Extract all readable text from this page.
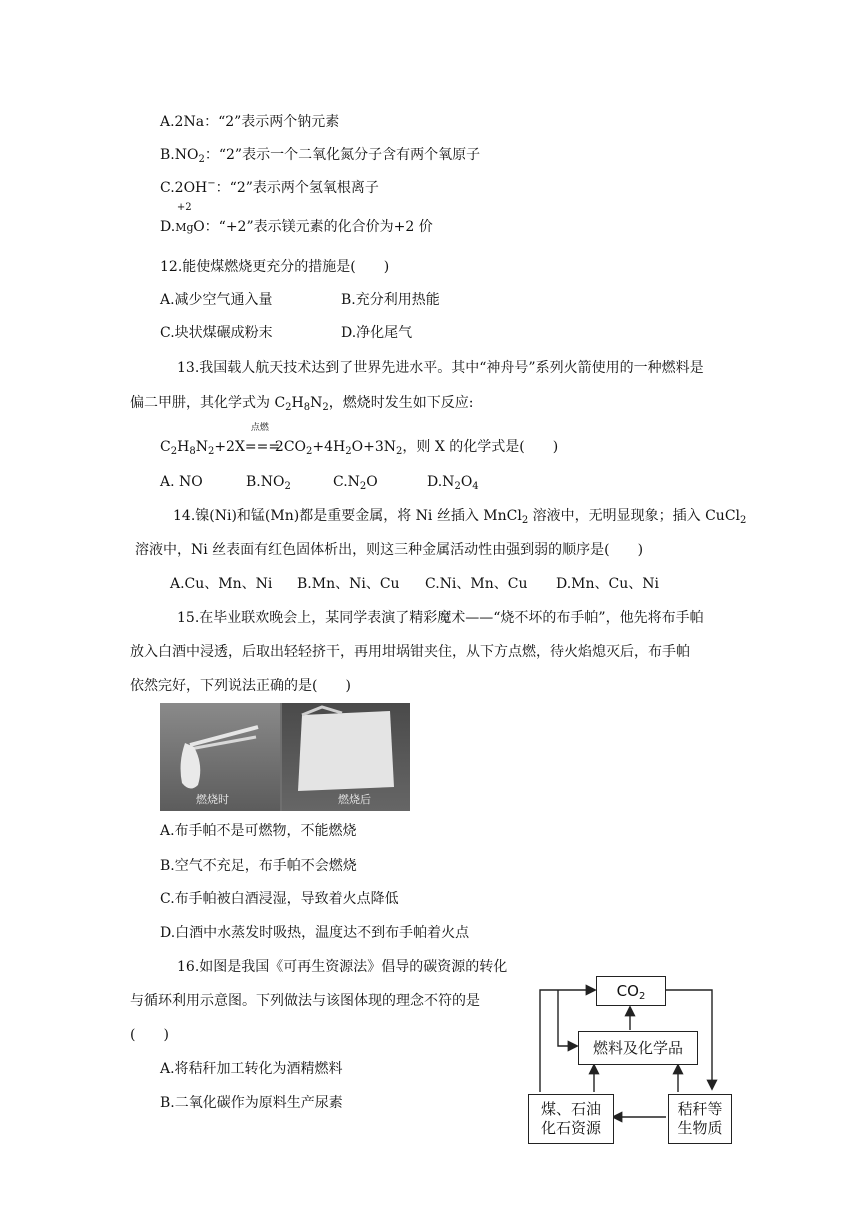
A.2Na：“2”表示两个钠元素
$B.NO_2$：“2”表示一个二氧化氮分子含有两个氧原子
C.2OH−：“2”表示两个氢氧根离子
D.
+2
MgO：“+2”表示镁元素的化合价为+2 价
12.能使煤燃烧更充分的措施是(　　)
A.减少空气通入量	B.充分利用热能
C.块状煤碾成粉末	D.净化尾气
13.我国载人航天技术达到了世界先进水平。其中“神舟号”系列火箭使用的一种燃料是
偏二甲肼，其化学式为 $C_2H_8N_2$，燃烧时发生如下反应:
$C_2H_8N_2+2X$
点燃
$===2CO_2+4H_2O+3N_2$，则 X 的化学式是(　　)
A. NO	$B.NO_2$	$C.N_2O$	$D.N_2O_4$
14.镍(Ni)和锰(Mn)都是重要金属，将 Ni 丝插入 MnCl$_2$ 溶液中，无明显现象；插入 CuCl$_2$
溶液中，Ni 丝表面有红色固体析出，则这三种金属活动性由强到弱的顺序是(　　)
A.Cu、Mn、Ni B.Mn、Ni、Cu C.Ni、Mn、Cu D.Mn、Cu、Ni
15.在毕业联欢晚会上，某同学表演了精彩魔术——“烧不坏的布手帕”，他先将布手帕
放入白酒中浸透，后取出轻轻挤干，再用坩埚钳夹住，从下方点燃，待火焰熄灭后，布手帕
依然完好，下列说法正确的是(　　)
燃烧时	燃烧后
A.布手帕不是可燃物，不能燃烧
B.空气不充足，布手帕不会燃烧
C.布手帕被白酒浸湿，导致着火点降低
D.白酒中水蒸发时吸热，温度达不到布手帕着火点
16.如图是我国《可再生资源法》倡导的碳资源的转化
与循环利用示意图。下列做法与该图体现的理念不符的是
(　　)
A.将秸秆加工转化为酒精燃料
B.二氧化碳作为原料生产尿素
$CO_2$
燃料及化学品
煤、石油
化石资源
秸秆等
生物质
